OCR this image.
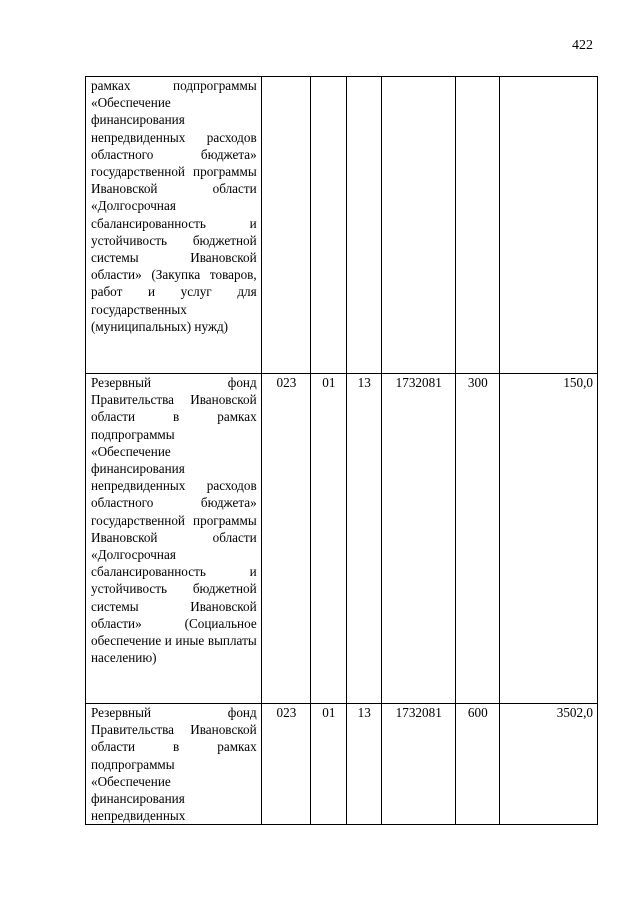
422
рамках подпрограммы «Обеспечение финансирования непредвиденных расходов областного бюджета» государственной программы Ивановской области «Долгосрочная сбалансированность и устойчивость бюджетной системы Ивановской области» (Закупка товаров, работ и услуг для государственных (муниципальных) нужд)						
Резервный фонд Правительства Ивановской области в рамках подпрограммы «Обеспечение финансирования непредвиденных расходов областного бюджета» государственной программы Ивановской области «Долгосрочная сбалансированность и устойчивость бюджетной системы Ивановской области» (Социальное обеспечение и иные выплаты населению)	023	01	13	1732081	300	150,0
Резервный фонд Правительства Ивановской области в рамках подпрограммы «Обеспечение финансирования непредвиденных	023	01	13	1732081	600	3502,0
